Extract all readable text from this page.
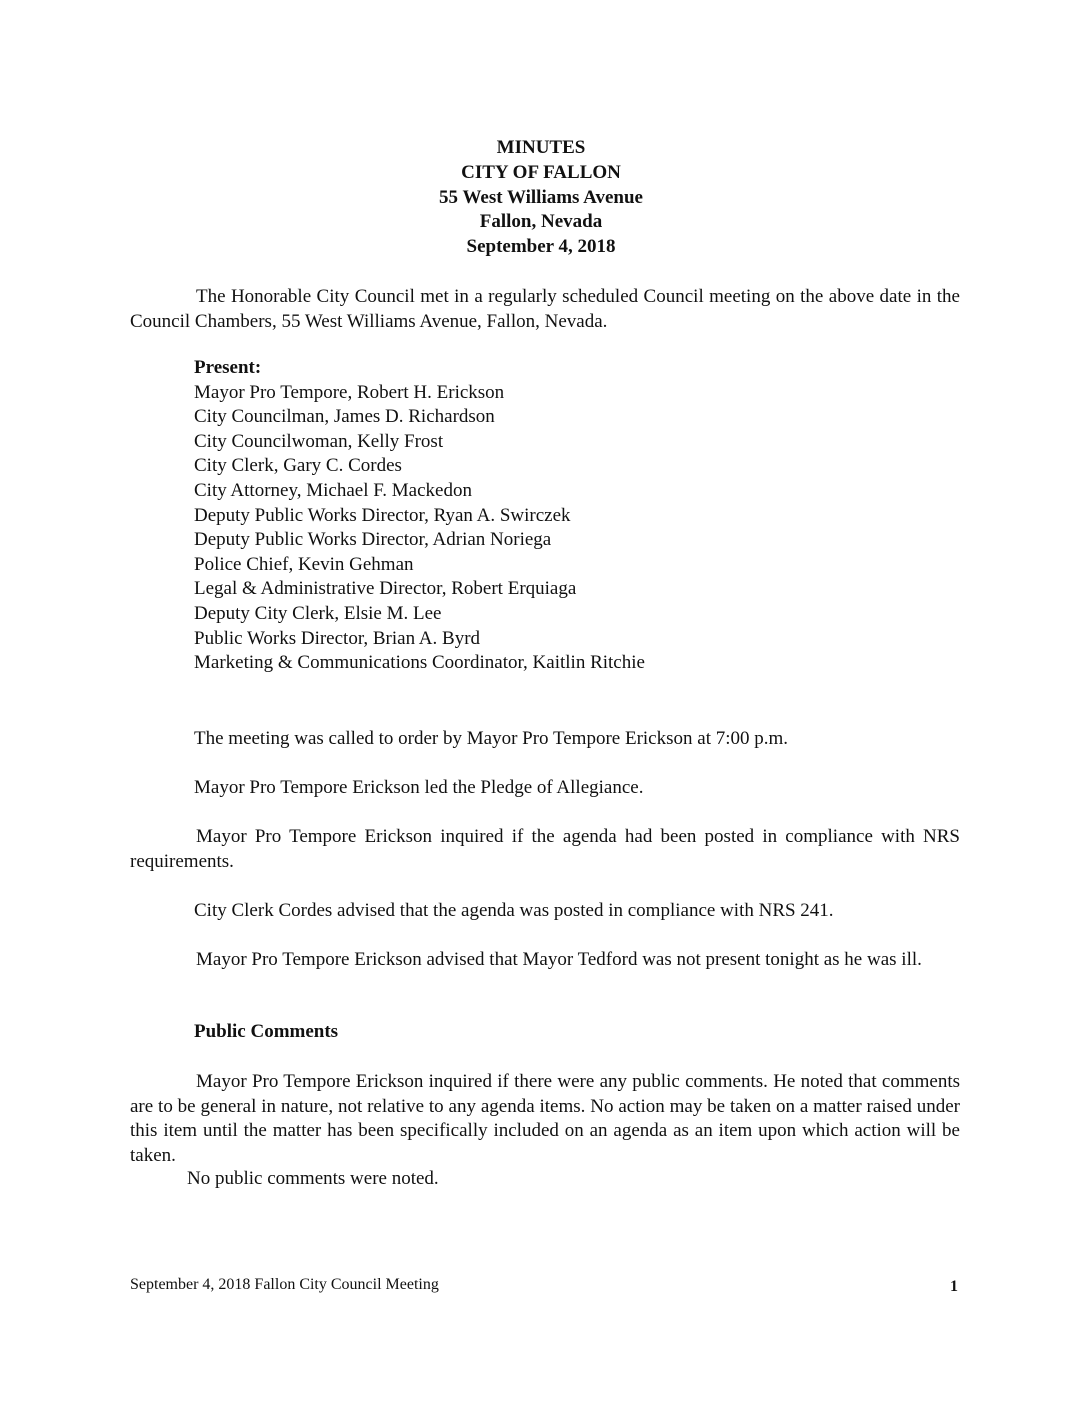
MINUTES
CITY OF FALLON
55 West Williams Avenue
Fallon, Nevada
September 4, 2018

The Honorable City Council met in a regularly scheduled Council meeting on the above date in the Council Chambers, 55 West Williams Avenue, Fallon, Nevada.

Present:
Mayor Pro Tempore, Robert H. Erickson
City Councilman, James D. Richardson
City Councilwoman, Kelly Frost
City Clerk, Gary C. Cordes
City Attorney, Michael F. Mackedon
Deputy Public Works Director, Ryan A. Swirczek
Deputy Public Works Director, Adrian Noriega
Police Chief, Kevin Gehman
Legal & Administrative Director, Robert Erquiaga
Deputy City Clerk, Elsie M. Lee
Public Works Director, Brian A. Byrd
Marketing & Communications Coordinator, Kaitlin Ritchie

The meeting was called to order by Mayor Pro Tempore Erickson at 7:00 p.m.

Mayor Pro Tempore Erickson led the Pledge of Allegiance.

Mayor Pro Tempore Erickson inquired if the agenda had been posted in compliance with NRS requirements.

City Clerk Cordes advised that the agenda was posted in compliance with NRS 241.

Mayor Pro Tempore Erickson advised that Mayor Tedford was not present tonight as he was ill.

Public Comments

Mayor Pro Tempore Erickson inquired if there were any public comments. He noted that comments are to be general in nature, not relative to any agenda items. No action may be taken on a matter raised under this item until the matter has been specifically included on an agenda as an item upon which action will be taken.

No public comments were noted.

September 4, 2018 Fallon City Council Meeting	1
